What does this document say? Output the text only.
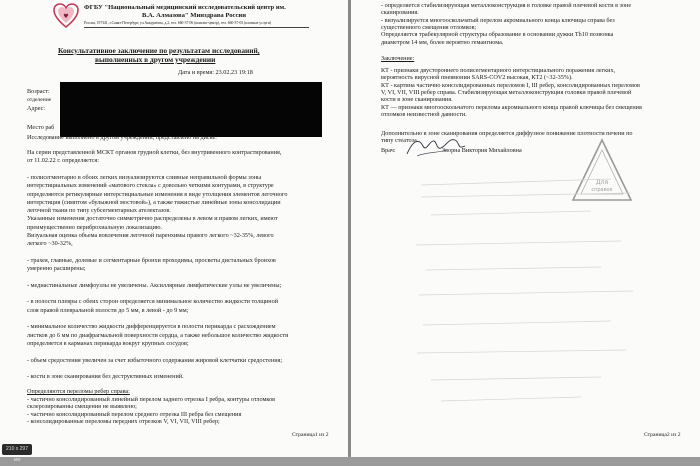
♥
ФГБУ "Национальный медицинский исследовательский центр им.
В.А. Алмазова" Минздрава России
Россия, 197341, г.Санкт-Петербург, ул.Аккуратова, д.2, тел. 660-37-06 (контакт-центр), тел. 660-37-03 (платные услуги)
Консультативное заключение по результатам исследований,
выполненных в другом учреждении
Дата и время: 23.02.23 19:18
Возраст:
отделение
Адрес:
Место раб
Исследование выполнено в другом учреждении, представлено на диске.
На серии представленной МСКТ органов грудной клетки, без внутривенного контрастирования,
от 11.02.22 г. определяется:
- полисегментарно в обоих легких визуализируются сливные неправильной формы зоны
интерстициальных изменений «матового стекла» с довольно четкими контурами, в структуре
определяются ретикулярные интерстициальные изменения в виде утолщения элементов легочного
интерстиция (симптом «булыжной мостовой»), а также тяжистые линейные зоны консолидации
легочной ткани по типу субсегментарных ателектазов.
Указанные изменения достаточно симметрично распределены в левом и правом легких, имеют
преимущественно периброхиальную локализацию.
Визуальная оценка объема вовлечения легочной паренхимы правого легкого ~32-35%, левого
легкого ~30-32%,
- трахея, главные, долевые и сегментарные бронхи проходимы, просветы дистальных бронхов
умеренно расширены;
- медиастинальные лимфоузлы не увеличены. Аксиллярные лимфатические узлы не увеличены;
- в полости плевры с обеих сторон определяется минимальное количество жидкости толщиной
слоя правой плевральной полости до 5 мм, в левой - до 9 мм;
- минимальное количество жидкости дифференцируется в полости перикарда с расхождением
листков до 6 мм по диафрагмальной поверхности сердца, а также небольшое количество жидкости
определяется в карманах перикарда вокруг крупных сосудов;
- объем средостения увеличен за счет избыточного содержания жировой клетчатки средостения;
- кости в зоне сканирования без деструктивных изменений.
Определяются переломы ребер справа:
- частично консолидированный линейный перелом заднего отрезка I ребра, контуры отломков
склерозированны смещения не выявлено;
- частично консолидированный перелом среднего отрезка III ребра без смещения
- консолидированные переломы передних отрезков V, VI, VII, VIII ребер;
Страница1 из 2
210 x 297 мм
- определяется стабилизирующая металлоконструкция в головке правой плечевой кости в зоне
сканирования.
- визуализируется многооскольчатый перелом акромиального конца ключицы справа без
существенного смещения отломков;
Определяется трабекулярной структуры образование в основании дужки Th10 позвонка
диаметром 14 мм, более вероятно гемангиома.
Заключение:
КТ - признаки двустороннего полисегментарного интерстициального поражения легких,
вероятность вирусной пневмонии SARS-COV2 высокая, КТ2 (~32-35%).
КТ - картина частично консолидированных переломов I, III ребер, консолидированных переломов
V, VI, VII, VIII ребер справа. Стабилизирующая металлоконструкция головки правой плечевой
кости в зоне сканирования.
КТ — признаки многооскольчатого перелома акромиального конца правой ключицы без смещения
отломков неизвестной давности.
Дополнительно в зоне сканирования определяется диффузное понижение плотности печени по
типу стеатоза.
Врач:	Зворна Виктория Михайловна
Для
справок
Страница2 из 2
